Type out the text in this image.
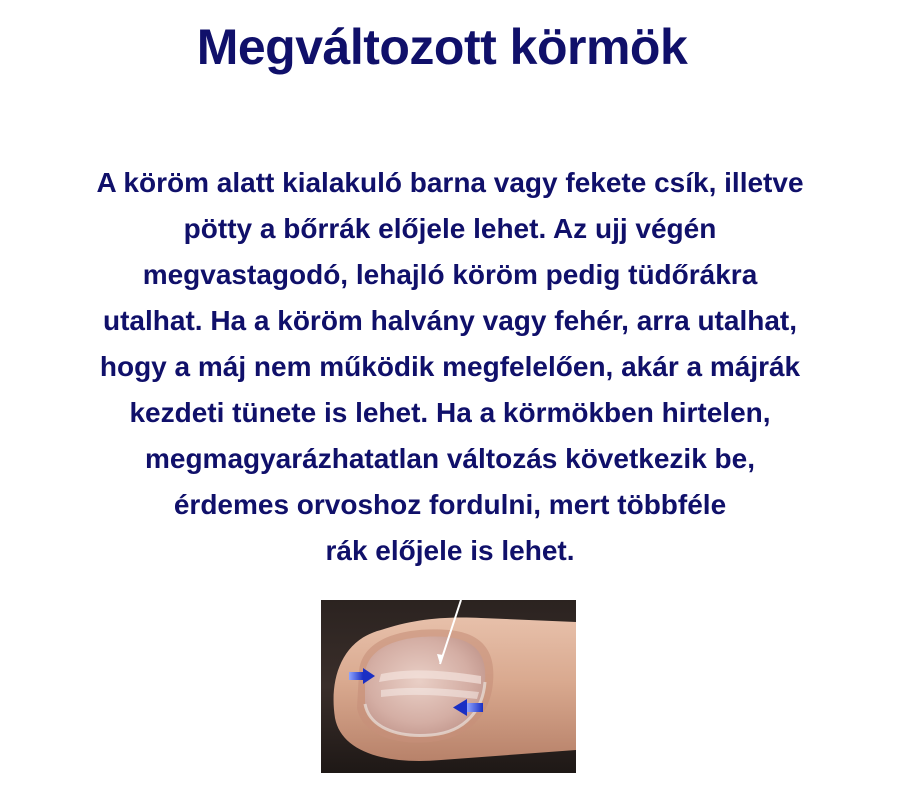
Megváltozott körmök

A köröm alatt kialakuló barna vagy fekete csík, illetve
pötty a bőrrák előjele lehet. Az ujj végén
megvastagodó, lehajló köröm pedig tüdőrákra
utalhat. Ha a köröm halvány vagy fehér, arra utalhat,
hogy a máj nem működik megfelelően, akár a májrák
kezdeti tünete is lehet. Ha a körmökben hirtelen,
megmagyarázhatatlan változás következik be,
érdemes orvoshoz fordulni, mert többféle
rák előjele is lehet.
